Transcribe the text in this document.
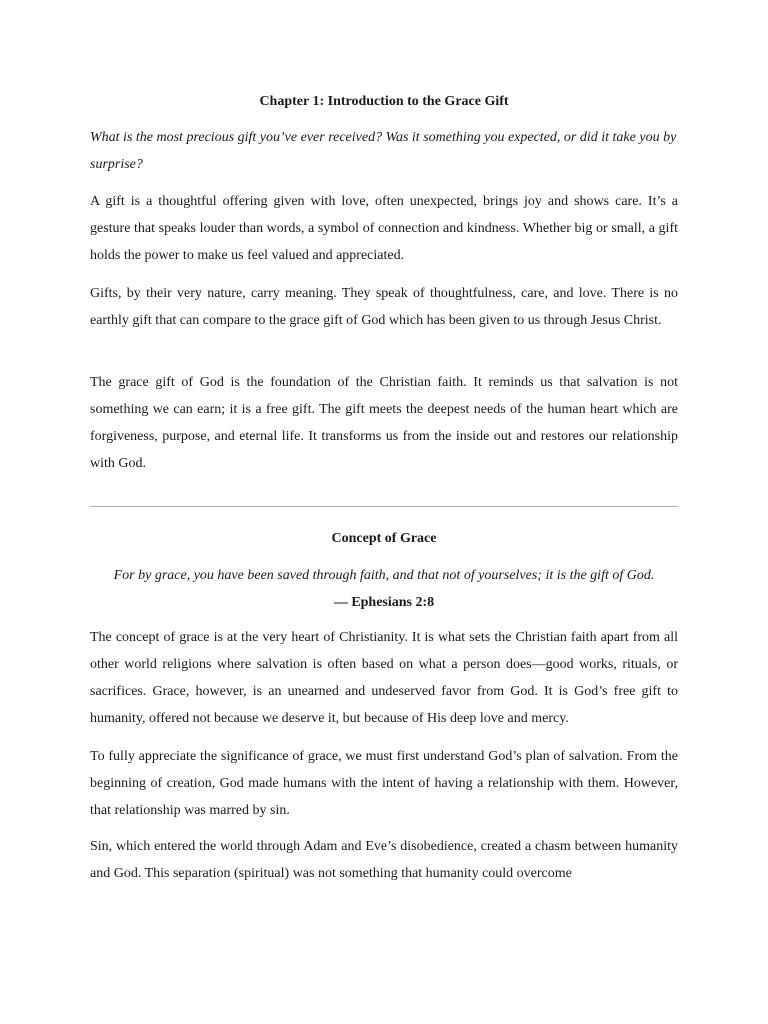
Chapter 1: Introduction to the Grace Gift

What is the most precious gift you’ve ever received? Was it something you expected, or did it take you by surprise?

A gift is a thoughtful offering given with love, often unexpected, brings joy and shows care. It’s a gesture that speaks louder than words, a symbol of connection and kindness. Whether big or small, a gift holds the power to make us feel valued and appreciated.

Gifts, by their very nature, carry meaning. They speak of thoughtfulness, care, and love. There is no earthly gift that can compare to the grace gift of God which has been given to us through Jesus Christ.

The grace gift of God is the foundation of the Christian faith. It reminds us that salvation is not something we can earn; it is a free gift. The gift meets the deepest needs of the human heart which are forgiveness, purpose, and eternal life. It transforms us from the inside out and restores our relationship with God.

Concept of Grace

For by grace, you have been saved through faith, and that not of yourselves; it is the gift of God.

— Ephesians 2:8

The concept of grace is at the very heart of Christianity. It is what sets the Christian faith apart from all other world religions where salvation is often based on what a person does—good works, rituals, or sacrifices. Grace, however, is an unearned and undeserved favor from God. It is God’s free gift to humanity, offered not because we deserve it, but because of His deep love and mercy.

To fully appreciate the significance of grace, we must first understand God’s plan of salvation. From the beginning of creation, God made humans with the intent of having a relationship with them. However, that relationship was marred by sin.

Sin, which entered the world through Adam and Eve’s disobedience, created a chasm between humanity and God. This separation (spiritual) was not something that humanity could overcome
